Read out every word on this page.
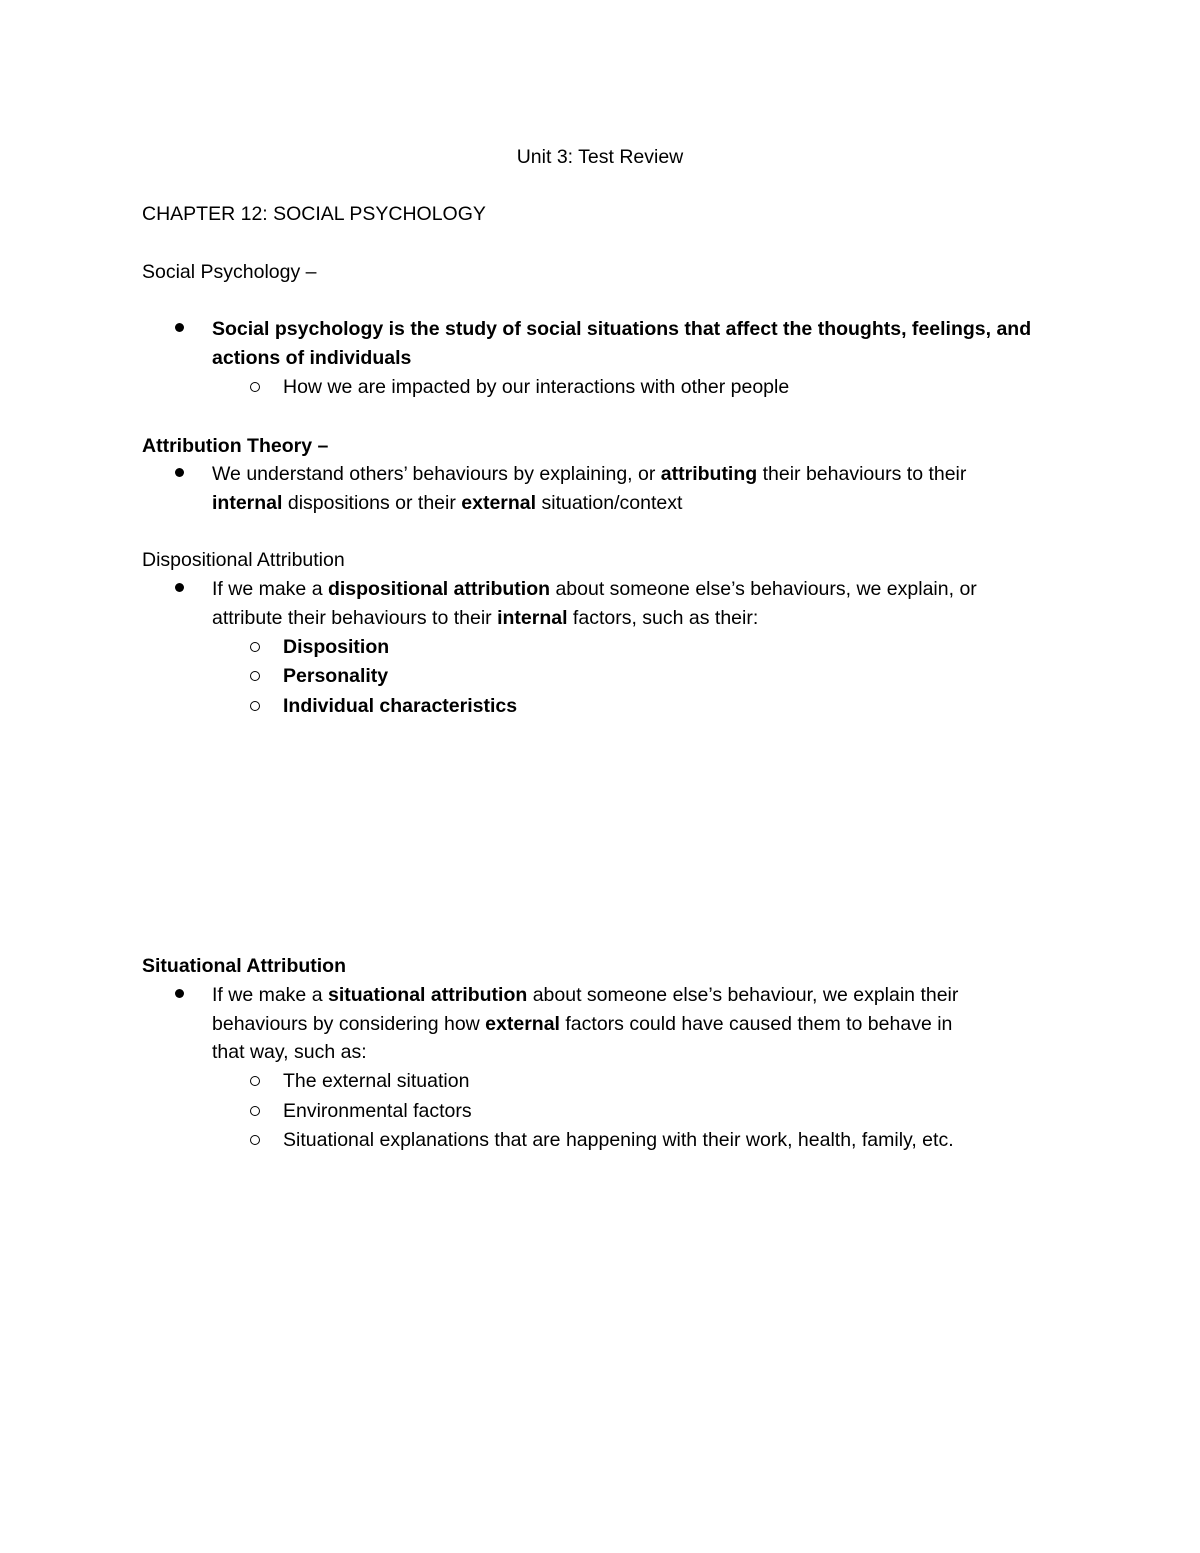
Unit 3: Test Review
CHAPTER 12: SOCIAL PSYCHOLOGY
Social Psychology –
Social psychology is the study of social situations that affect the thoughts, feelings, and
actions of individuals
How we are impacted by our interactions with other people
Attribution Theory –
We understand others’ behaviours by explaining, or attributing their behaviours to their
internal dispositions or their external situation/context
Dispositional Attribution
If we make a dispositional attribution about someone else’s behaviours, we explain, or
attribute their behaviours to their internal factors, such as their:
Disposition
Personality
Individual characteristics
Situational Attribution
If we make a situational attribution about someone else’s behaviour, we explain their
behaviours by considering how external factors could have caused them to behave in
that way, such as:
The external situation
Environmental factors
Situational explanations that are happening with their work, health, family, etc.
